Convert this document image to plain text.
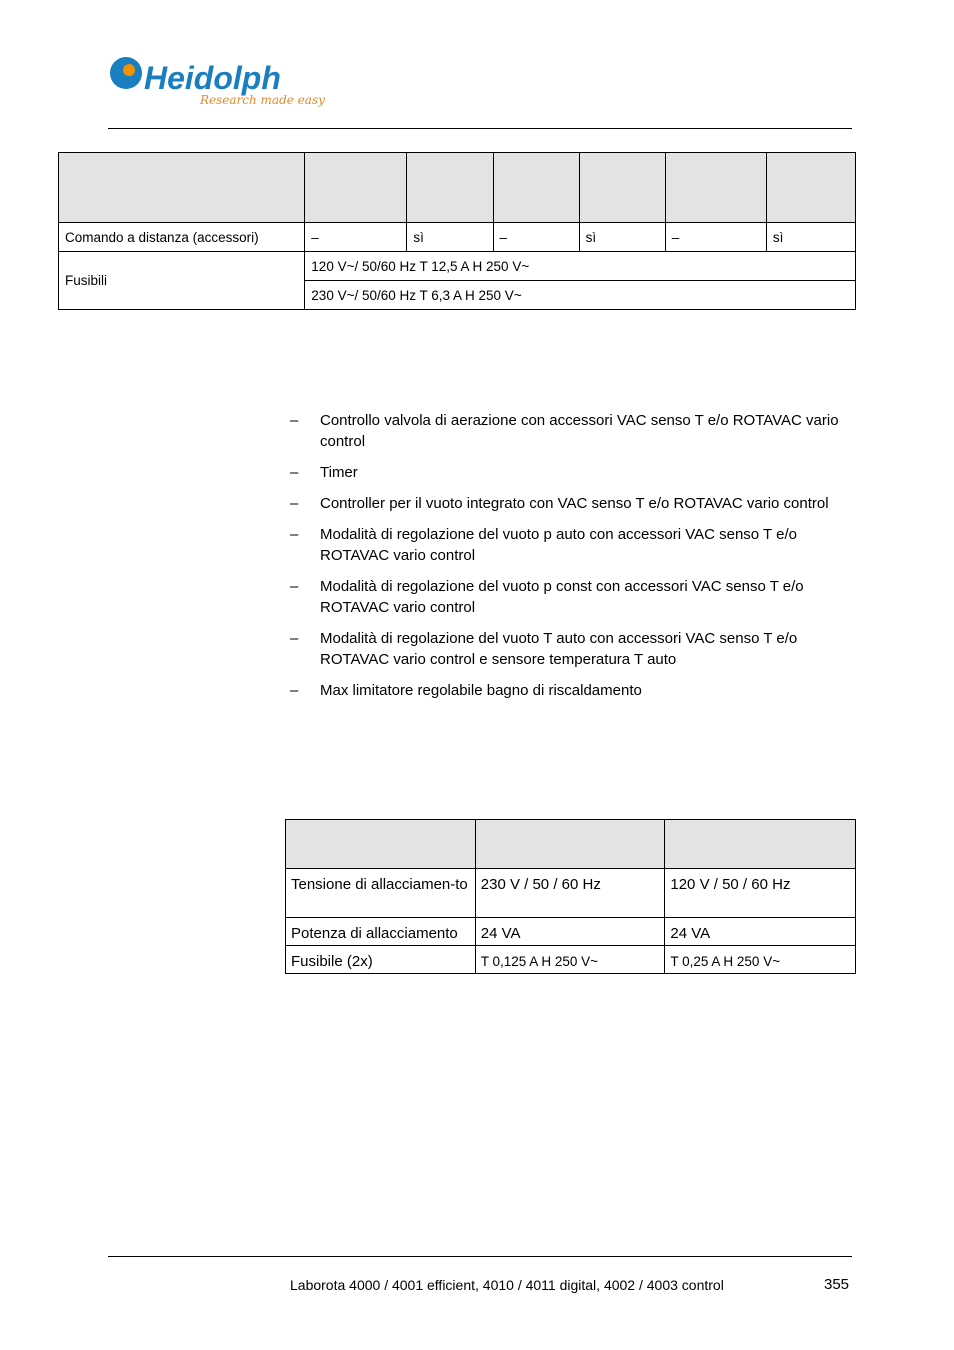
Heidolph
Research made easy

Comando a distanza (accessori)	–	sì	–	sì	–	sì
Fusibili	120 V~/ 50/60 Hz T 12,5 A H 250 V~					
	230 V~/ 50/60 Hz T 6,3 A H 250 V~					
–	Controllo valvola di aerazione con accessori VAC senso T e/o ROTAVAC vario control
–	Timer
–	Controller per il vuoto integrato con VAC senso T e/o ROTAVAC vario control
–	Modalità di regolazione del vuoto p auto con accessori VAC senso T e/o ROTAVAC vario control
–	Modalità di regolazione del vuoto p const con accessori VAC senso T e/o ROTAVAC vario control
–	Modalità di regolazione del vuoto T auto con accessori VAC senso T e/o ROTAVAC vario control e sensore temperatura T auto
–	Max limitatore regolabile bagno di riscaldamento

Tensione di allacciamen-to	230 V / 50 / 60 Hz	120 V / 50 / 60 Hz
Potenza di allacciamento	24 VA	24 VA
Fusibile (2x)	T 0,125 A H 250 V~	T 0,25 A H 250 V~
Laborota 4000 / 4001 efficient, 4010 / 4011 digital, 4002 / 4003 control	355
